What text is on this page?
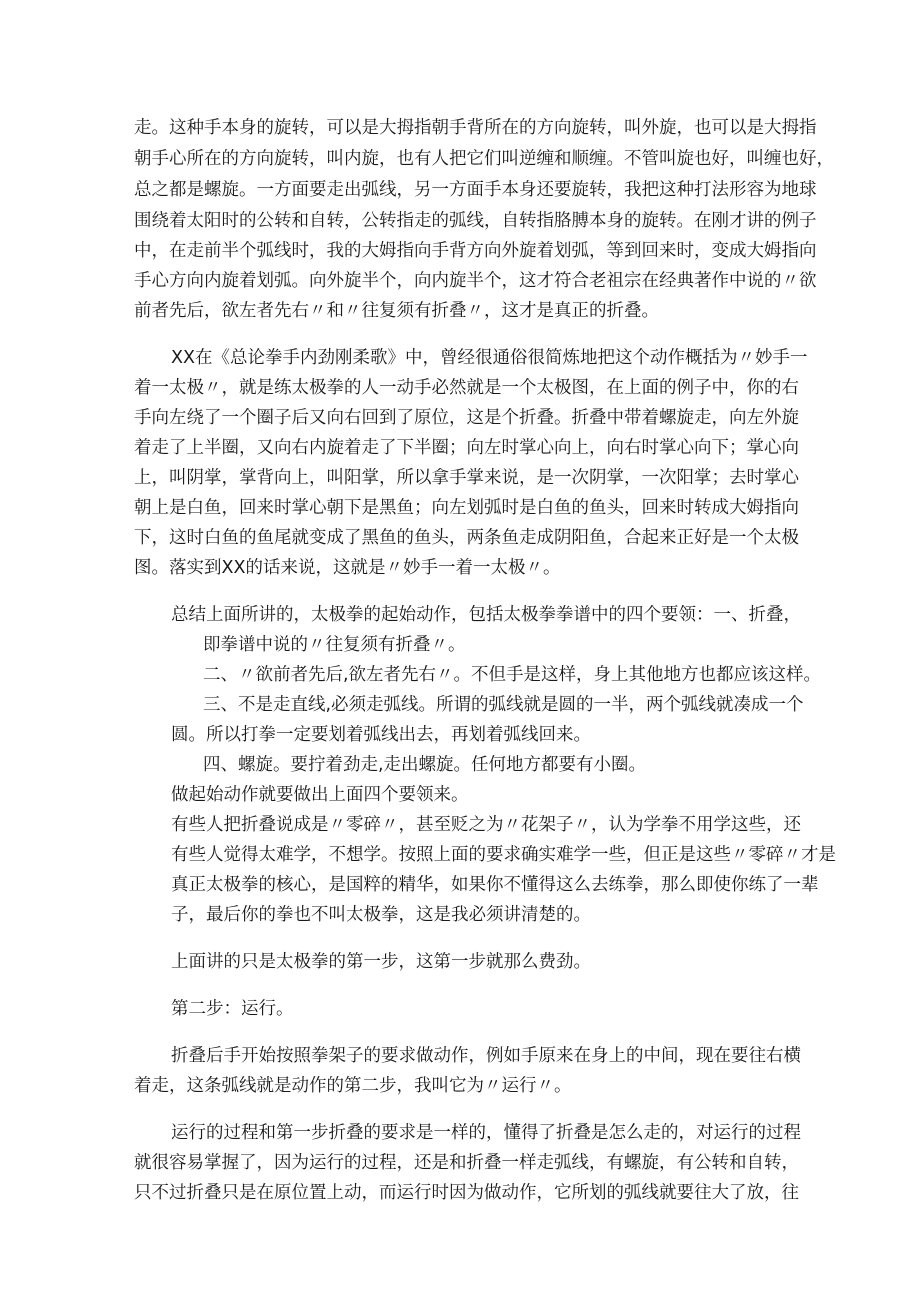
走。这种手本身的旋转，可以是大拇指朝手背所在的方向旋转，叫外旋，也可以是大拇指

朝手心所在的方向旋转，叫内旋，也有人把它们叫逆缠和顺缠。不管叫旋也好，叫缠也好，

总之都是螺旋。一方面要走出弧线，另一方面手本身还要旋转，我把这种打法形容为地球

围绕着太阳时的公转和自转，公转指走的弧线，自转指胳膊本身的旋转。在刚才讲的例子

中，在走前半个弧线时，我的大姆指向手背方向外旋着划弧，等到回来时，变成大姆指向

手心方向内旋着划弧。向外旋半个，向内旋半个，这才符合老祖宗在经典著作中说的〃欲

前者先后，欲左者先右〃和〃往复须有折叠〃，这才是真正的折叠。

XX在《总论拳手内劲刚柔歌》中，曾经很通俗很简炼地把这个动作概括为〃妙手一

着一太极〃，就是练太极拳的人一动手必然就是一个太极图，在上面的例子中，你的右

手向左绕了一个圈子后又向右回到了原位，这是个折叠。折叠中带着螺旋走，向左外旋

着走了上半圈，又向右内旋着走了下半圈；向左时掌心向上，向右时掌心向下；掌心向

上，叫阴掌，掌背向上，叫阳掌，所以拿手掌来说，是一次阴掌，一次阳掌；去时掌心

朝上是白鱼，回来时掌心朝下是黑鱼；向左划弧时是白鱼的鱼头，回来时转成大姆指向

下，这时白鱼的鱼尾就变成了黑鱼的鱼头，两条鱼走成阴阳鱼，合起来正好是一个太极

图。落实到XX的话来说，这就是〃妙手一着一太极〃。

总结上面所讲的，太极拳的起始动作，包括太极拳拳谱中的四个要领：一、折叠，

即拳谱中说的〃往复须有折叠〃。

二、〃欲前者先后,欲左者先右〃。不但手是这样，身上其他地方也都应该这样。

三、不是走直线,必须走弧线。所谓的弧线就是圆的一半，两个弧线就凑成一个

圆。所以打拳一定要划着弧线出去，再划着弧线回来。

四、螺旋。要拧着劲走,走出螺旋。任何地方都要有小圈。

做起始动作就要做出上面四个要领来。

有些人把折叠说成是〃零碎〃，甚至贬之为〃花架子〃，认为学拳不用学这些，还

有些人觉得太难学，不想学。按照上面的要求确实难学一些，但正是这些〃零碎〃才是

真正太极拳的核心，是国粹的精华，如果你不懂得这么去练拳，那么即使你练了一辈

子，最后你的拳也不叫太极拳，这是我必须讲清楚的。

上面讲的只是太极拳的第一步，这第一步就那么费劲。

第二步：运行。

折叠后手开始按照拳架子的要求做动作，例如手原来在身上的中间，现在要往右横

着走，这条弧线就是动作的第二步，我叫它为〃运行〃。

运行的过程和第一步折叠的要求是一样的，懂得了折叠是怎么走的，对运行的过程

就很容易掌握了，因为运行的过程，还是和折叠一样走弧线，有螺旋，有公转和自转，

只不过折叠只是在原位置上动，而运行时因为做动作，它所划的弧线就要往大了放，往
